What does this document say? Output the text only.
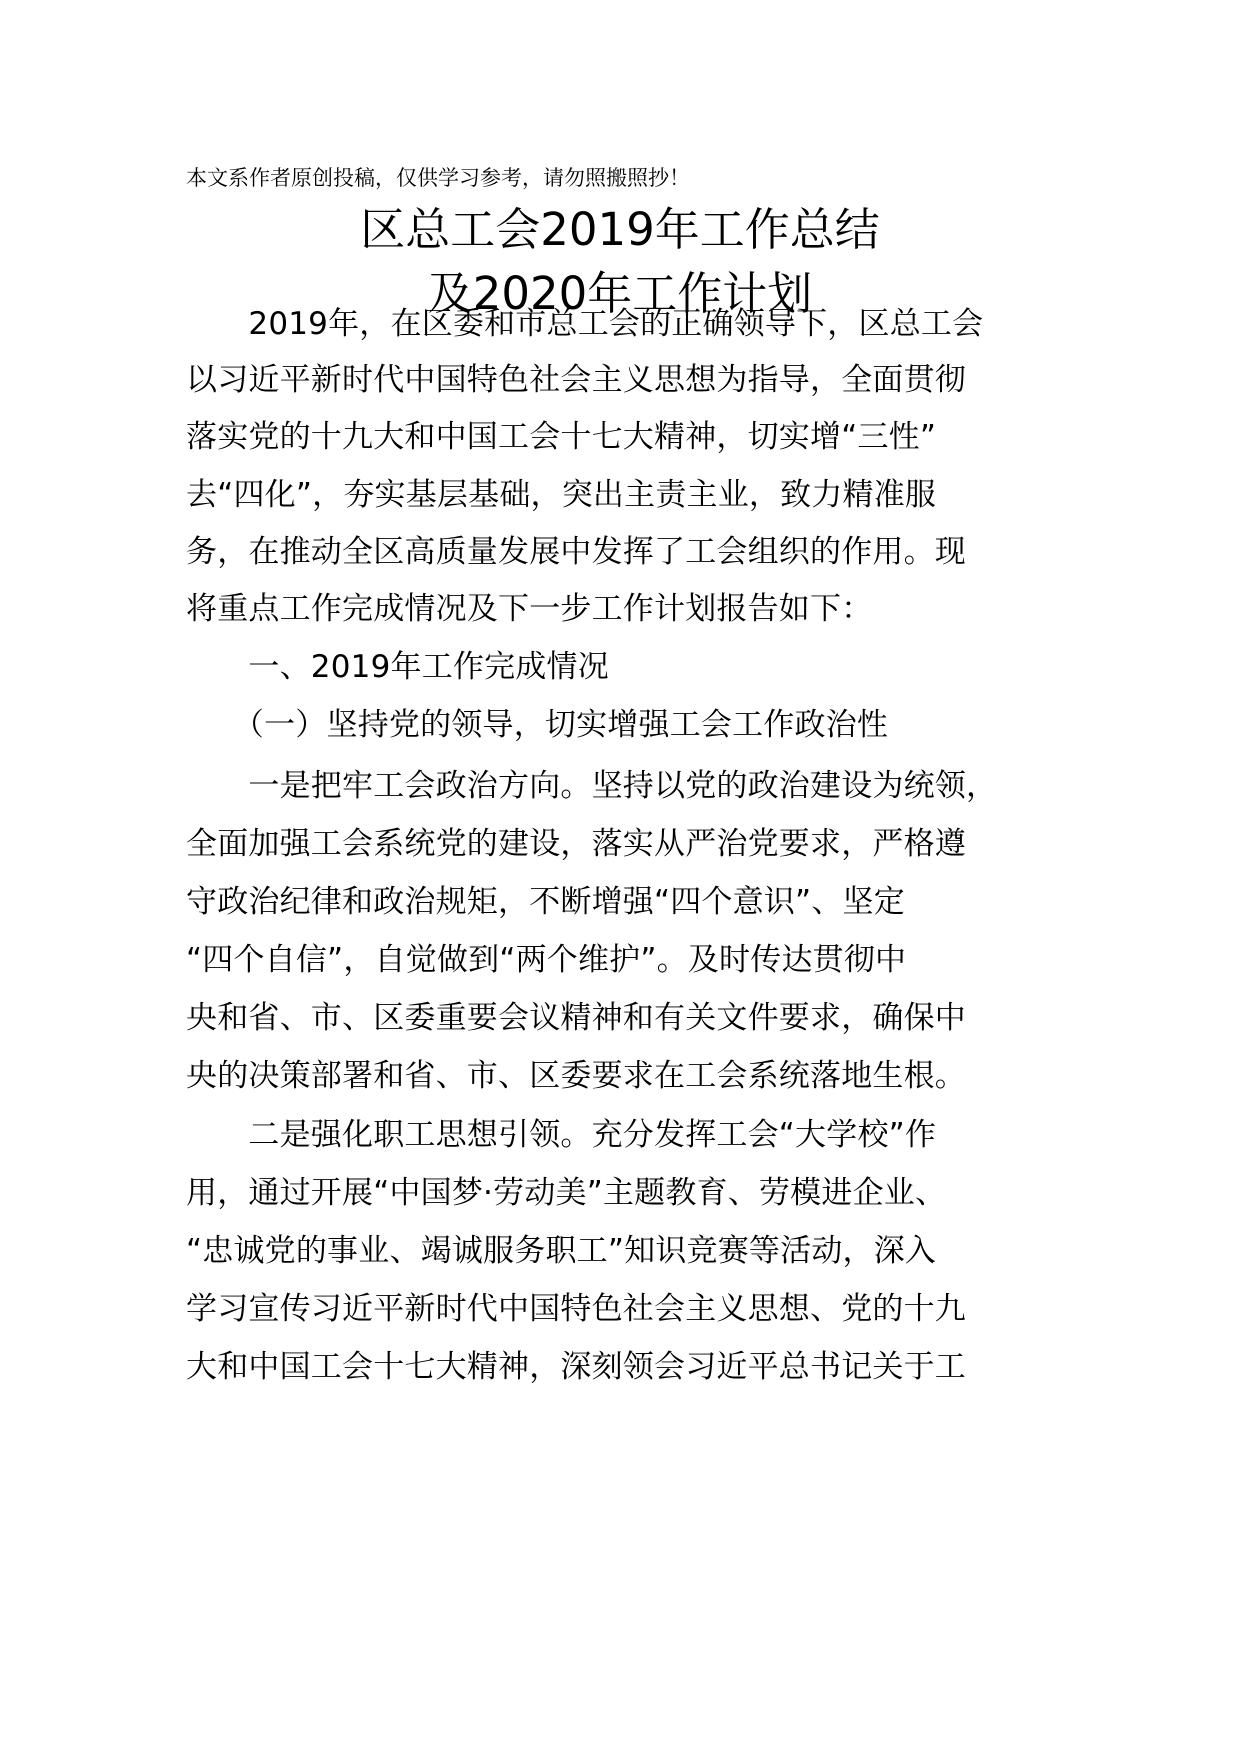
本文系作者原创投稿，仅供学习参考，请勿照搬照抄！
区总工会2019年工作总结
及2020年工作计划
　　2019年，在区委和市总工会的正确领导下，区总工会
以习近平新时代中国特色社会主义思想为指导，全面贯彻
落实党的十九大和中国工会十七大精神，切实增“三性”
去“四化”，夯实基层基础，突出主责主业，致力精准服
务，在推动全区高质量发展中发挥了工会组织的作用。现
将重点工作完成情况及下一步工作计划报告如下：
　　一、2019年工作完成情况
　　（一）坚持党的领导，切实增强工会工作政治性
　　一是把牢工会政治方向。坚持以党的政治建设为统领，
全面加强工会系统党的建设，落实从严治党要求，严格遵
守政治纪律和政治规矩，不断增强“四个意识”、坚定
“四个自信”，自觉做到“两个维护”。及时传达贯彻中
央和省、市、区委重要会议精神和有关文件要求，确保中
央的决策部署和省、市、区委要求在工会系统落地生根。
　　二是强化职工思想引领。充分发挥工会“大学校”作
用，通过开展“中国梦·劳动美”主题教育、劳模进企业、
“忠诚党的事业、竭诚服务职工”知识竞赛等活动，深入
学习宣传习近平新时代中国特色社会主义思想、党的十九
大和中国工会十七大精神，深刻领会习近平总书记关于工
